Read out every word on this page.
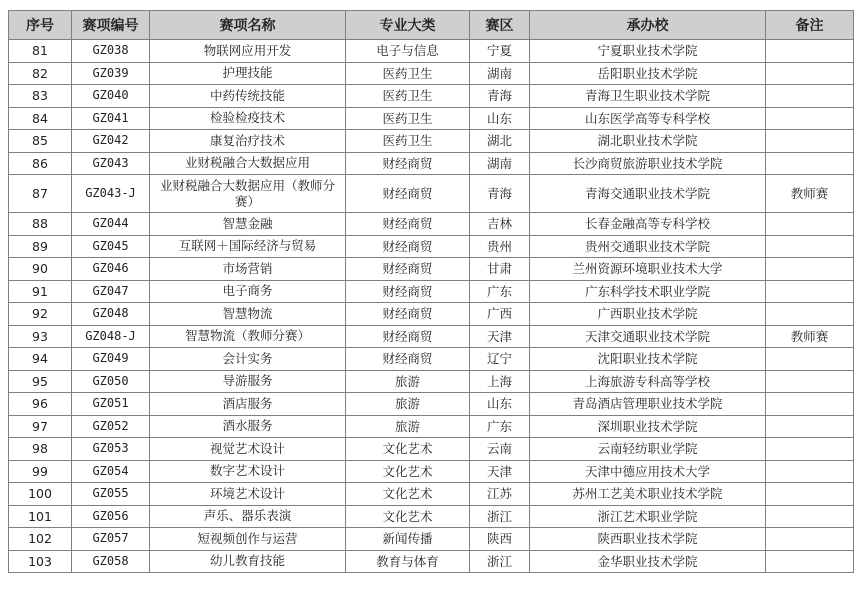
序号	赛项编号	赛项名称	专业大类	赛区	承办校	备注
81	GZ038	物联网应用开发	电子与信息	宁夏	宁夏职业技术学院	
82	GZ039	护理技能	医药卫生	湖南	岳阳职业技术学院	
83	GZ040	中药传统技能	医药卫生	青海	青海卫生职业技术学院	
84	GZ041	检验检疫技术	医药卫生	山东	山东医学高等专科学校	
85	GZ042	康复治疗技术	医药卫生	湖北	湖北职业技术学院	
86	GZ043	业财税融合大数据应用	财经商贸	湖南	长沙商贸旅游职业技术学院	
87	GZ043-J	业财税融合大数据应用（教师分赛）	财经商贸	青海	青海交通职业技术学院	教师赛
88	GZ044	智慧金融	财经商贸	吉林	长春金融高等专科学校	
89	GZ045	互联网＋国际经济与贸易	财经商贸	贵州	贵州交通职业技术学院	
90	GZ046	市场营销	财经商贸	甘肃	兰州资源环境职业技术大学	
91	GZ047	电子商务	财经商贸	广东	广东科学技术职业学院	
92	GZ048	智慧物流	财经商贸	广西	广西职业技术学院	
93	GZ048-J	智慧物流（教师分赛）	财经商贸	天津	天津交通职业技术学院	教师赛
94	GZ049	会计实务	财经商贸	辽宁	沈阳职业技术学院	
95	GZ050	导游服务	旅游	上海	上海旅游专科高等学校	
96	GZ051	酒店服务	旅游	山东	青岛酒店管理职业技术学院	
97	GZ052	酒水服务	旅游	广东	深圳职业技术学院	
98	GZ053	视觉艺术设计	文化艺术	云南	云南轻纺职业学院	
99	GZ054	数字艺术设计	文化艺术	天津	天津中德应用技术大学	
100	GZ055	环境艺术设计	文化艺术	江苏	苏州工艺美术职业技术学院	
101	GZ056	声乐、器乐表演	文化艺术	浙江	浙江艺术职业学院	
102	GZ057	短视频创作与运营	新闻传播	陕西	陕西职业技术学院	
103	GZ058	幼儿教育技能	教育与体育	浙江	金华职业技术学院	
